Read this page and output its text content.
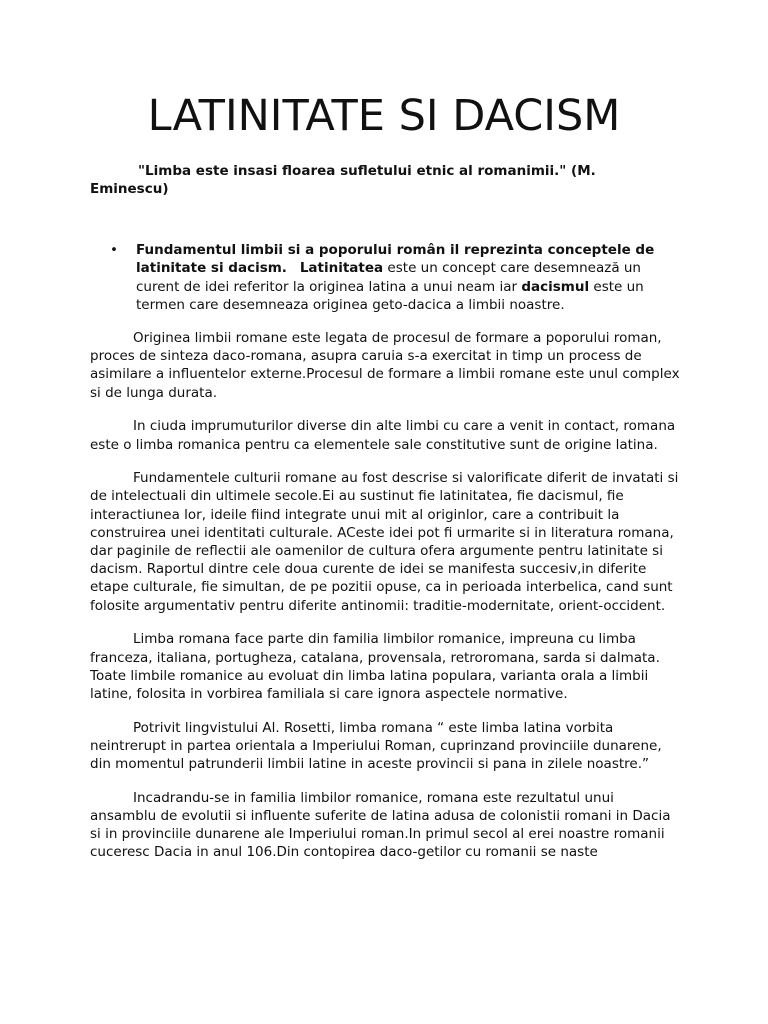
LATINITATE SI DACISM

"Limba este insasi floarea sufletului etnic al romanimii." (M. Eminescu)

• Fundamentul limbii si a poporului român il reprezinta conceptele de latinitate si dacism. Latinitatea este un concept care desemnează un curent de idei referitor la originea latina a unui neam iar dacismul este un termen care desemneaza originea geto-dacica a limbii noastre.

Originea limbii romane este legata de procesul de formare a poporului roman, proces de sinteza daco-romana, asupra caruia s-a exercitat in timp un process de asimilare a influentelor externe.Procesul de formare a limbii romane este unul complex si de lunga durata.

In ciuda imprumuturilor diverse din alte limbi cu care a venit in contact, romana este o limba romanica pentru ca elementele sale constitutive sunt de origine latina.

Fundamentele culturii romane au fost descrise si valorificate diferit de invatati si de intelectuali din ultimele secole.Ei au sustinut fie latinitatea, fie dacismul, fie interactiunea lor, ideile fiind integrate unui mit al originlor, care a contribuit la construirea unei identitati culturale. ACeste idei pot fi urmarite si in literatura romana, dar paginile de reflectii ale oamenilor de cultura ofera argumente pentru latinitate si dacism. Raportul dintre cele doua curente de idei se manifesta succesiv,in diferite etape culturale, fie simultan, de pe pozitii opuse, ca in perioada interbelica, cand sunt folosite argumentativ pentru diferite antinomii: traditie-modernitate, orient-occident.

Limba romana face parte din familia limbilor romanice, impreuna cu limba franceza, italiana, portugheza, catalana, provensala, retroromana, sarda si dalmata. Toate limbile romanice au evoluat din limba latina populara, varianta orala a limbii latine, folosita in vorbirea familiala si care ignora aspectele normative.

Potrivit lingvistului Al. Rosetti, limba romana “ este limba latina vorbita neintrerupt in partea orientala a Imperiului Roman, cuprinzand provinciile dunarene, din momentul patrunderii limbii latine in aceste provincii si pana in zilele noastre.”

Incadrandu-se in familia limbilor romanice, romana este rezultatul unui ansamblu de evolutii si influente suferite de latina adusa de colonistii romani in Dacia si in provinciile dunarene ale Imperiului roman.In primul secol al erei noastre romanii cuceresc Dacia in anul 106.Din contopirea daco-getilor cu romanii se naste
